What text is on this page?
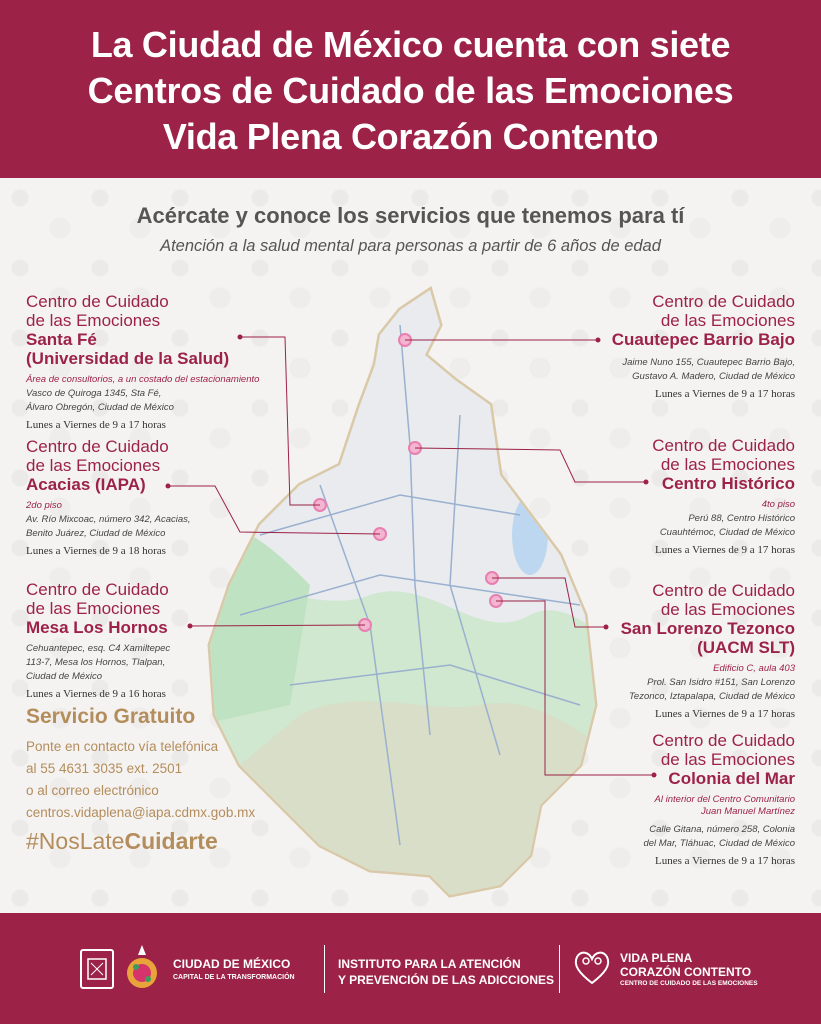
La Ciudad de México cuenta con siete
Centros de Cuidado de las Emociones
Vida Plena Corazón Contento
Acércate y conoce los servicios que tenemos para tí
Atención a la salud mental para personas a partir de 6 años de edad
Centro de Cuidado
de las Emociones
Santa Fé
(Universidad de la Salud)
Área de consultorios, a un costado del estacionamiento
Vasco de Quiroga 1345, Sta Fé,
Álvaro Obregón, Ciudad de México
Lunes a Viernes de 9 a 17 horas
Centro de Cuidado
de las Emociones
Acacias (IAPA)
2do piso
Av. Río Mixcoac, número 342, Acacias,
Benito Juárez, Ciudad de México
Lunes a Viernes de 9 a 18 horas
Centro de Cuidado
de las Emociones
Mesa Los Hornos
Cehuantepec, esq. C4 Xamiltepec
113-7, Mesa los Hornos, Tlalpan,
Ciudad de México
Lunes a Viernes de 9 a 16 horas
Centro de Cuidado
de las Emociones
Cuautepec Barrio Bajo
Jaime Nuno 155, Cuautepec Barrio Bajo,
Gustavo A. Madero, Ciudad de México
Lunes a Viernes de 9 a 17 horas
Centro de Cuidado
de las Emociones
Centro Histórico
4to piso
Perú 88, Centro Histórico
Cuauhtémoc, Ciudad de México
Lunes a Viernes de 9 a 17 horas
Centro de Cuidado
de las Emociones
San Lorenzo Tezonco
(UACM SLT)
Edificio C, aula 403
Prol. San Isidro #151, San Lorenzo
Tezonco, Iztapalapa, Ciudad de México
Lunes a Viernes de 9 a 17 horas
Centro de Cuidado
de las Emociones
Colonia del Mar
Al interior del Centro Comunitario
Juan Manuel Martínez
Calle Gitana, número 258, Colonia
del Mar, Tláhuac, Ciudad de México
Lunes a Viernes de 9 a 17 horas
Servicio Gratuito
Ponte en contacto vía telefónica
al 55 4631 3035 ext. 2501
o al correo electrónico
centros.vidaplena@iapa.cdmx.gob.mx
#NosLateCuidarte
CIUDAD DE MÉXICO
CAPITAL DE LA TRANSFORMACIÓN
INSTITUTO PARA LA ATENCIÓN
Y PREVENCIÓN DE LAS ADICCIONES
VIDA PLENA
CORAZÓN CONTENTO
CENTRO DE CUIDADO DE LAS EMOCIONES
